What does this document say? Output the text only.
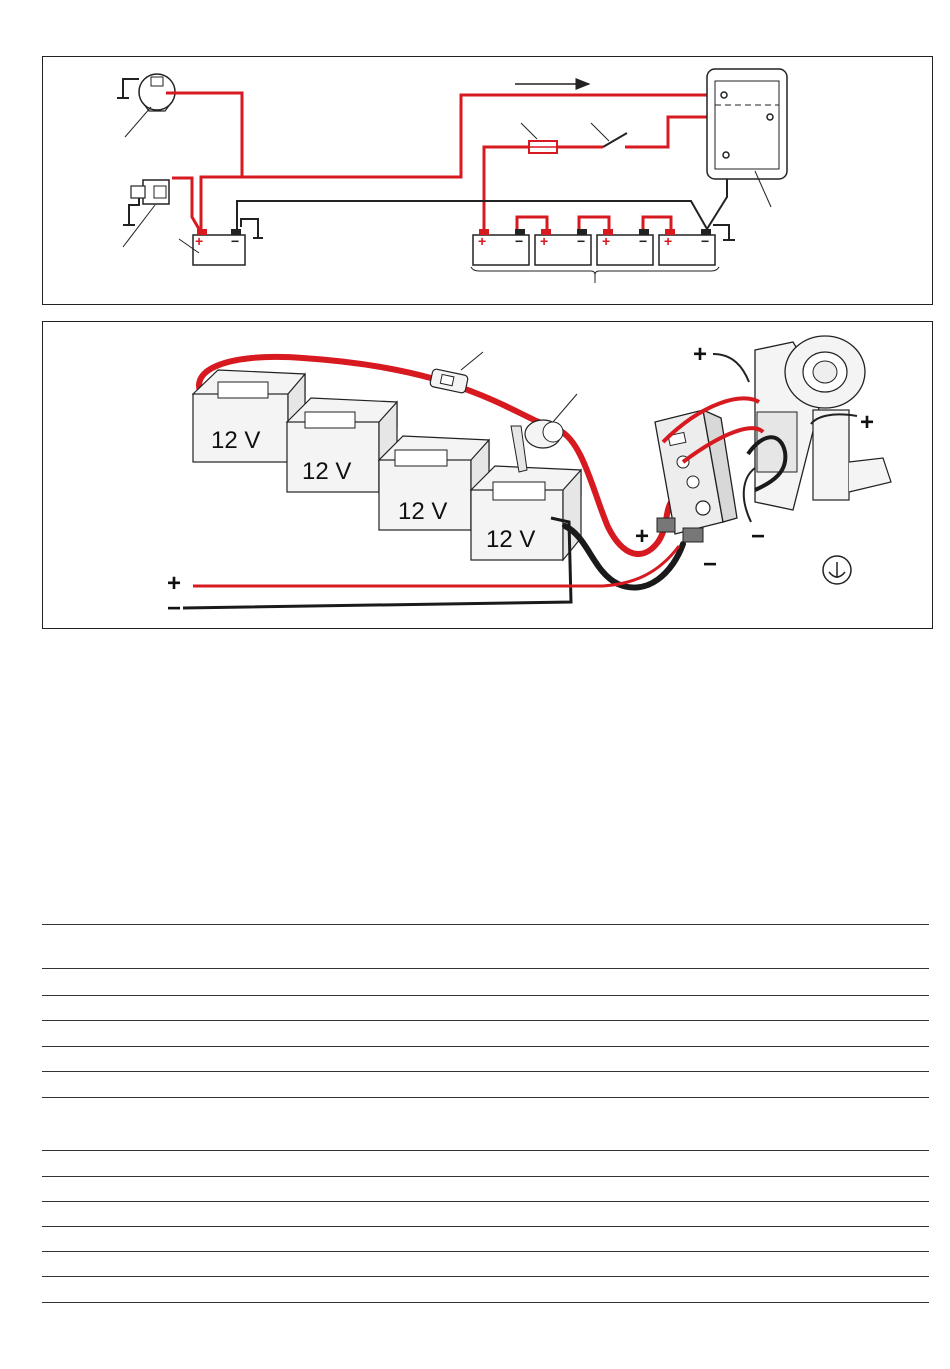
+ −	+ − + − + − + −
12 V
12 V
12 V
12 V
+
−
+
−
+
+
−
